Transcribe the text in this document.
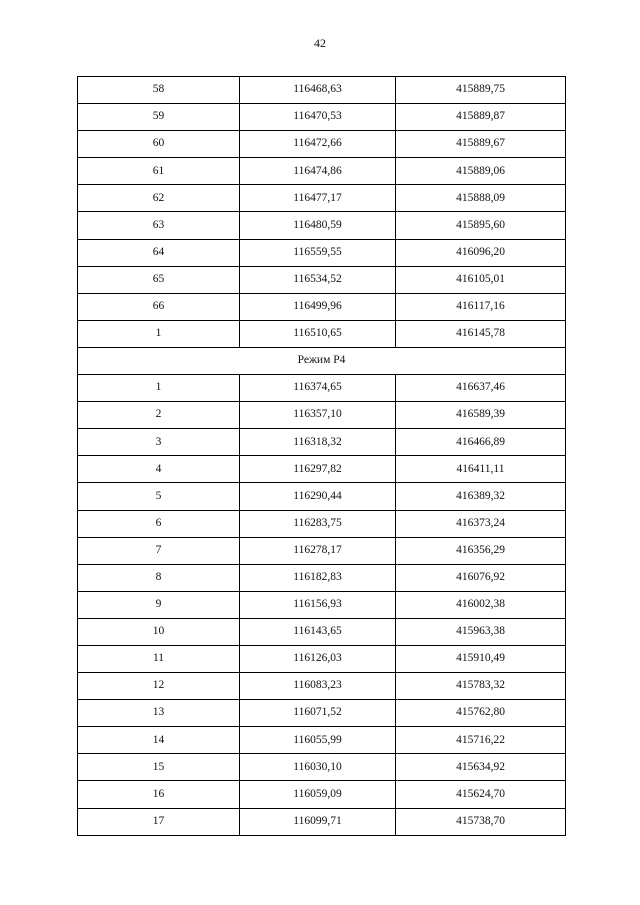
42
58	116468,63	415889,75
59	116470,53	415889,87
60	116472,66	415889,67
61	116474,86	415889,06
62	116477,17	415888,09
63	116480,59	415895,60
64	116559,55	416096,20
65	116534,52	416105,01
66	116499,96	416117,16
1	116510,65	416145,78
Режим Р4		
1	116374,65	416637,46
2	116357,10	416589,39
3	116318,32	416466,89
4	116297,82	416411,11
5	116290,44	416389,32
6	116283,75	416373,24
7	116278,17	416356,29
8	116182,83	416076,92
9	116156,93	416002,38
10	116143,65	415963,38
11	116126,03	415910,49
12	116083,23	415783,32
13	116071,52	415762,80
14	116055,99	415716,22
15	116030,10	415634,92
16	116059,09	415624,70
17	116099,71	415738,70
